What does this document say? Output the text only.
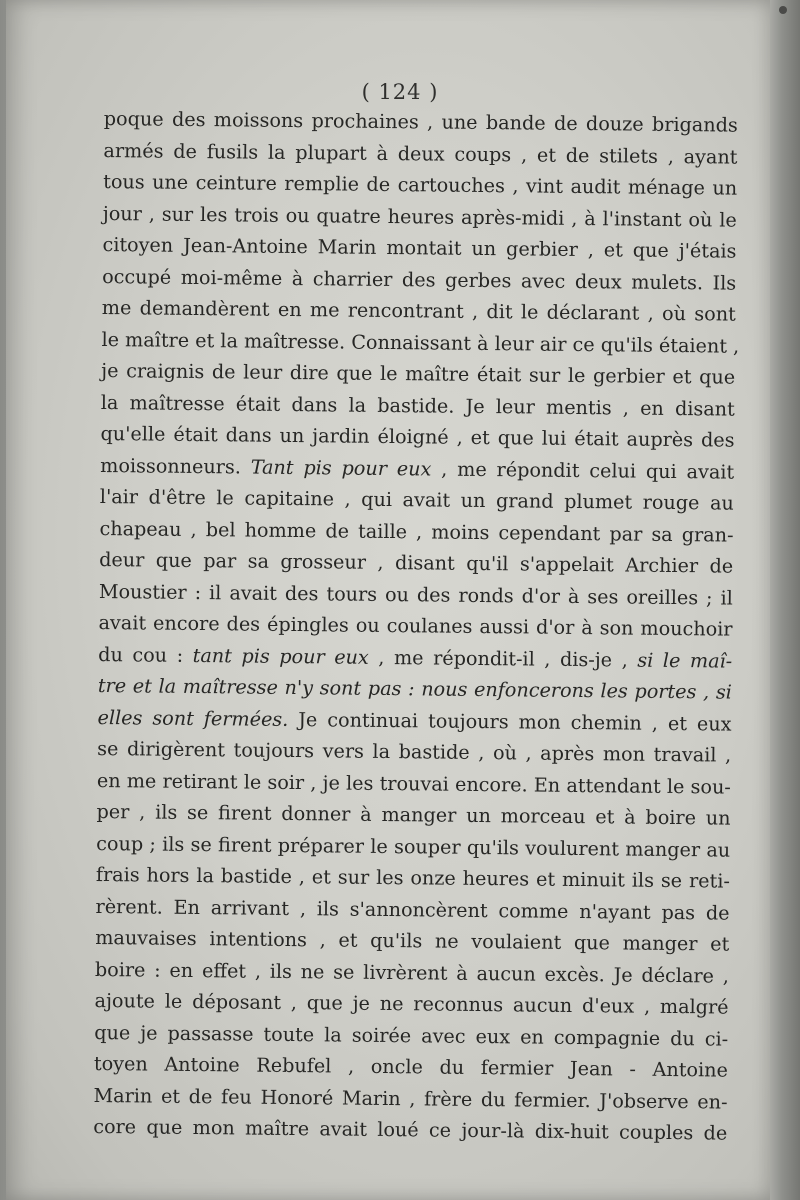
( 124 )
poque des moissons prochaines , une bande de douze brigands
armés de fusils la plupart à deux coups , et de stilets , ayant
tous une ceinture remplie de cartouches , vint audit ménage un
jour , sur les trois ou quatre heures après-midi , à l'instant où le
citoyen Jean-Antoine Marin montait un gerbier , et que j'étais
occupé moi-même à charrier des gerbes avec deux mulets. Ils
me demandèrent en me rencontrant , dit le déclarant , où sont
le maître et la maîtresse. Connaissant à leur air ce qu'ils étaient ,
je craignis de leur dire que le maître était sur le gerbier et que
la maîtresse était dans la bastide. Je leur mentis , en disant
qu'elle était dans un jardin éloigné , et que lui était auprès des
moissonneurs. Tant pis pour eux , me répondit celui qui avait
l'air d'être le capitaine , qui avait un grand plumet rouge au
chapeau , bel homme de taille , moins cependant par sa gran-
deur que par sa grosseur , disant qu'il s'appelait Archier de
Moustier : il avait des tours ou des ronds d'or à ses oreilles ; il
avait encore des épingles ou coulanes aussi d'or à son mouchoir
du cou : tant pis pour eux , me répondit-il , dis-je , si le maî-
tre et la maîtresse n'y sont pas : nous enfoncerons les portes , si
elles sont fermées. Je continuai toujours mon chemin , et eux
se dirigèrent toujours vers la bastide , où , après mon travail ,
en me retirant le soir , je les trouvai encore. En attendant le sou-
per , ils se firent donner à manger un morceau et à boire un
coup ; ils se firent préparer le souper qu'ils voulurent manger au
frais hors la bastide , et sur les onze heures et minuit ils se reti-
rèrent. En arrivant , ils s'annoncèrent comme n'ayant pas de
mauvaises intentions , et qu'ils ne voulaient que manger et
boire : en effet , ils ne se livrèrent à aucun excès. Je déclare ,
ajoute le déposant , que je ne reconnus aucun d'eux , malgré
que je passasse toute la soirée avec eux en compagnie du ci-
toyen Antoine Rebufel , oncle du fermier Jean - Antoine
Marin et de feu Honoré Marin , frère du fermier. J'observe en-
core que mon maître avait loué ce jour-là dix-huit couples de
